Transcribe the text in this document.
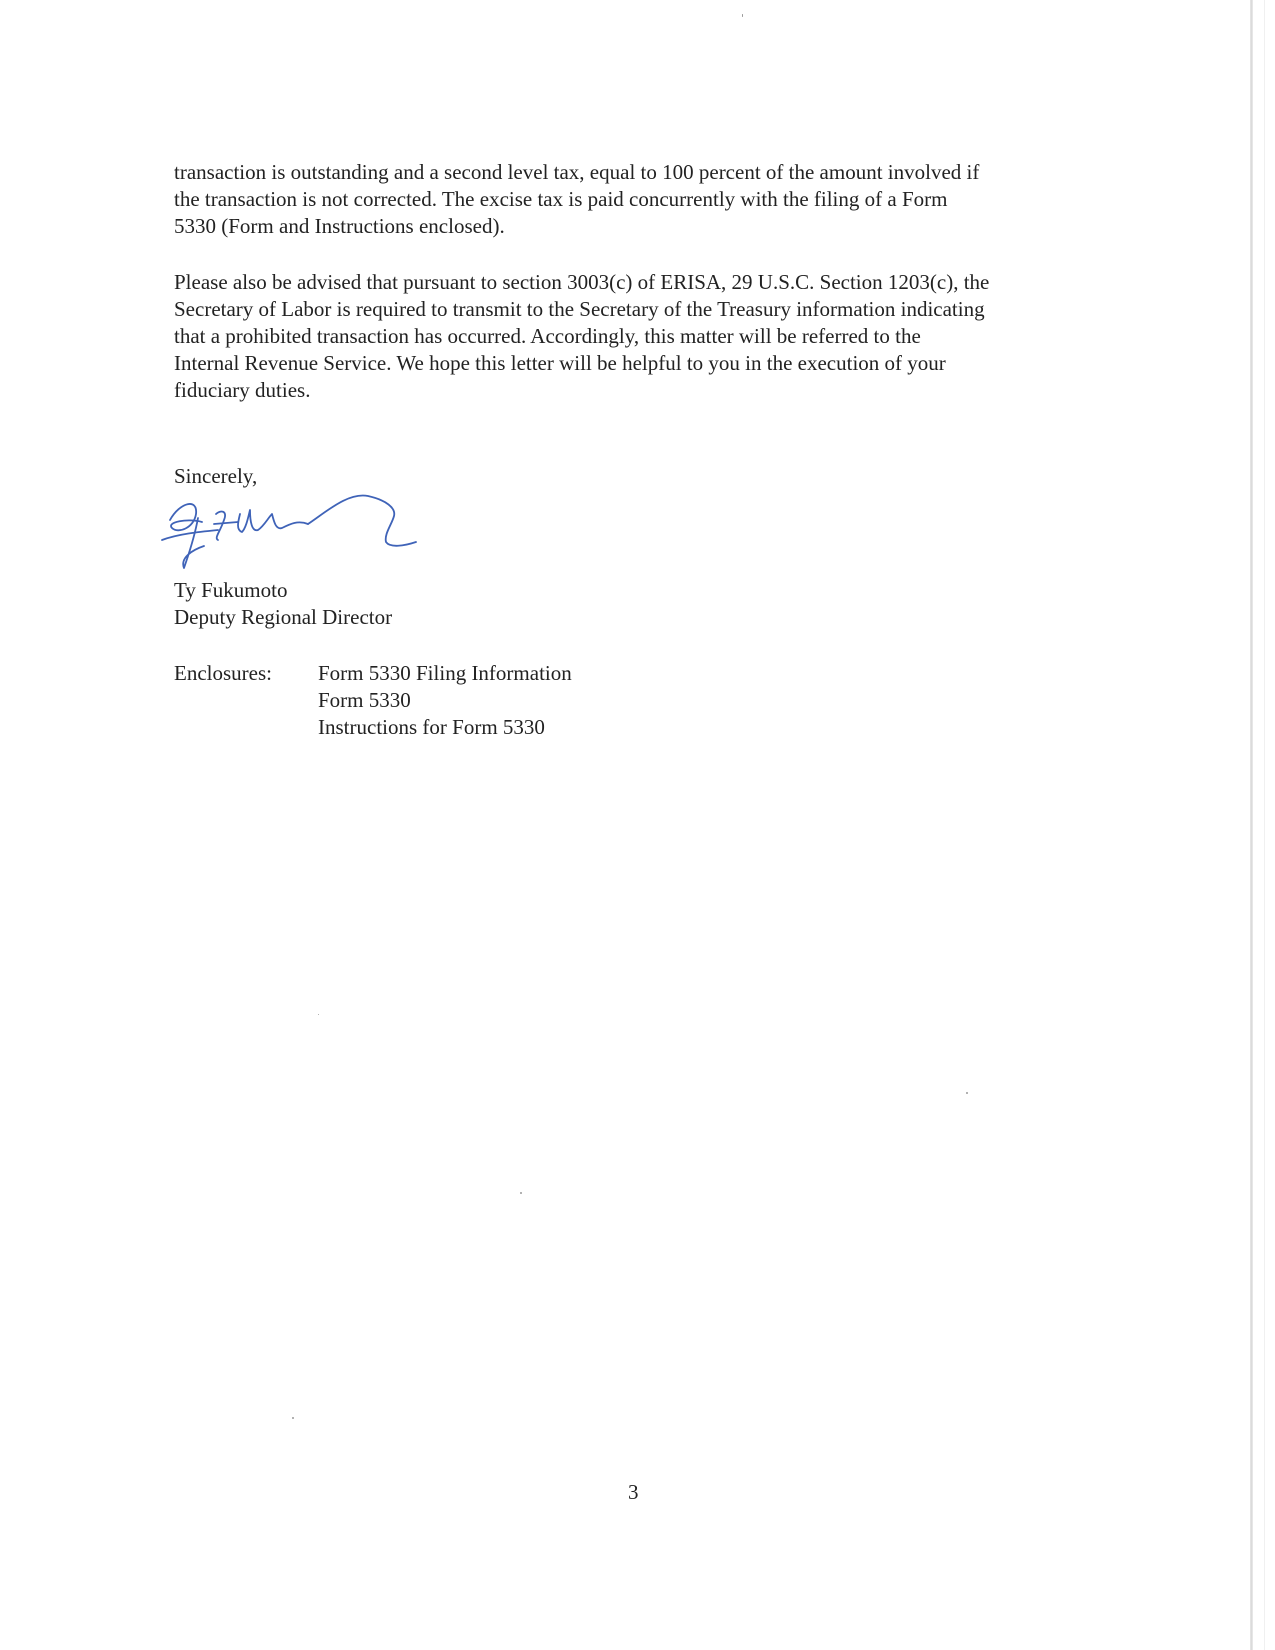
transaction is outstanding and a second level tax, equal to 100 percent of the amount involved if
the transaction is not corrected. The excise tax is paid concurrently with the filing of a Form
5330 (Form and Instructions enclosed).

Please also be advised that pursuant to section 3003(c) of ERISA, 29 U.S.C. Section 1203(c), the
Secretary of Labor is required to transmit to the Secretary of the Treasury information indicating
that a prohibited transaction has occurred. Accordingly, this matter will be referred to the
Internal Revenue Service. We hope this letter will be helpful to you in the execution of your
fiduciary duties.

Sincerely,
Ty Fukumoto
Deputy Regional Director
Enclosures: Form 5330 Filing Information
Form 5330
Instructions for Form 5330
3
